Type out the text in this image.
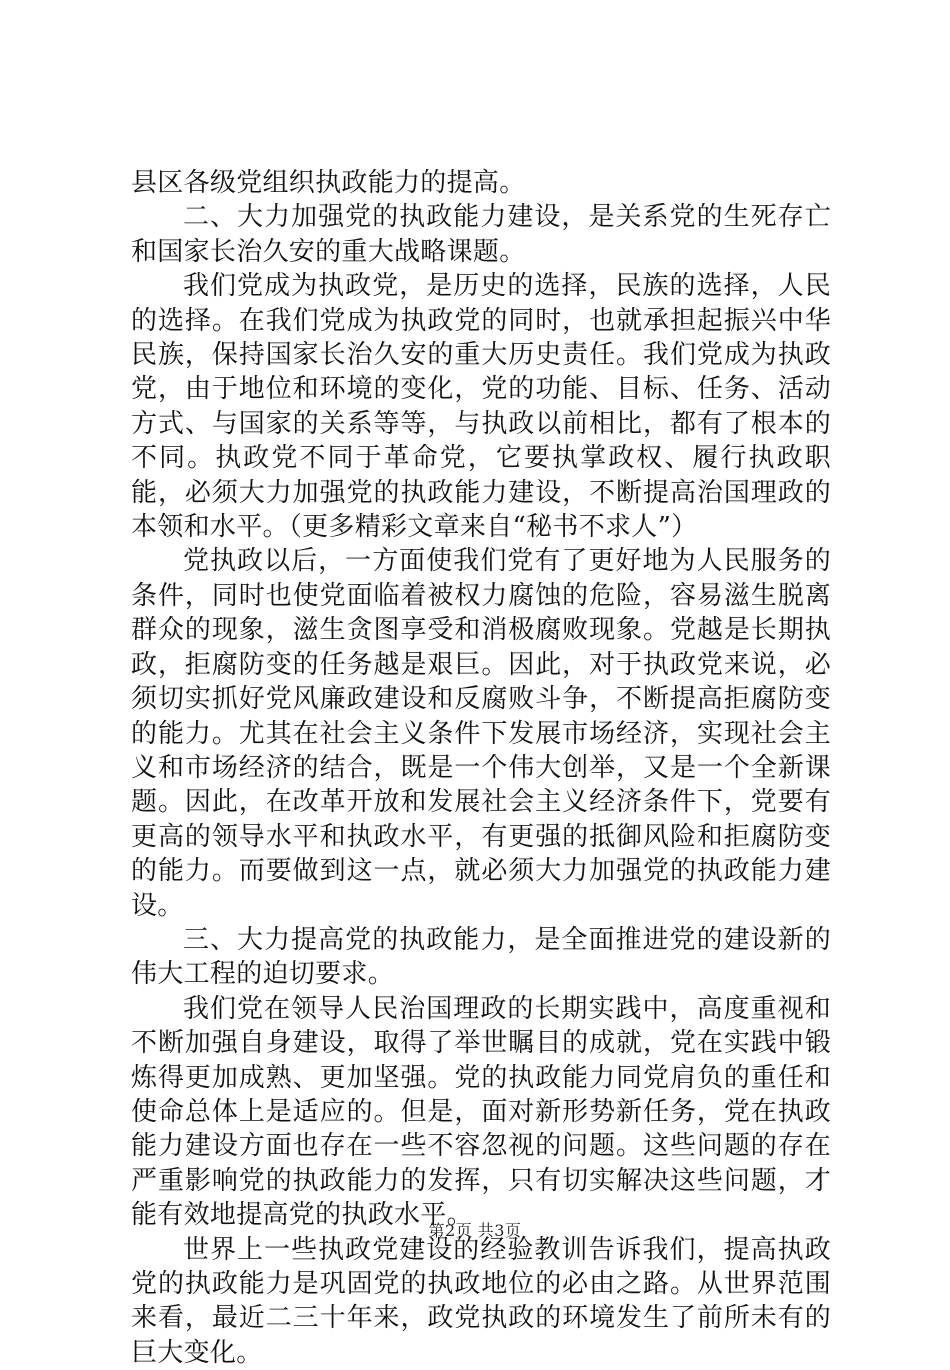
县区各级党组织执政能力的提高。

二、大力加强党的执政能力建设，是关系党的生死存亡和国家长治久安的重大战略课题。

我们党成为执政党，是历史的选择，民族的选择，人民的选择。在我们党成为执政党的同时，也就承担起振兴中华民族，保持国家长治久安的重大历史责任。我们党成为执政党，由于地位和环境的变化，党的功能、目标、任务、活动方式、与国家的关系等等，与执政以前相比，都有了根本的不同。执政党不同于革命党，它要执掌政权、履行执政职能，必须大力加强党的执政能力建设，不断提高治国理政的本领和水平。（更多精彩文章来自“秘书不求人”）

党执政以后，一方面使我们党有了更好地为人民服务的条件，同时也使党面临着被权力腐蚀的危险，容易滋生脱离群众的现象，滋生贪图享受和消极腐败现象。党越是长期执政，拒腐防变的任务越是艰巨。因此，对于执政党来说，必须切实抓好党风廉政建设和反腐败斗争，不断提高拒腐防变的能力。尤其在社会主义条件下发展市场经济，实现社会主义和市场经济的结合，既是一个伟大创举，又是一个全新课题。因此，在改革开放和发展社会主义经济条件下，党要有更高的领导水平和执政水平，有更强的抵御风险和拒腐防变的能力。而要做到这一点，就必须大力加强党的执政能力建设。

三、大力提高党的执政能力，是全面推进党的建设新的伟大工程的迫切要求。

我们党在领导人民治国理政的长期实践中，高度重视和不断加强自身建设，取得了举世瞩目的成就，党在实践中锻炼得更加成熟、更加坚强。党的执政能力同党肩负的重任和使命总体上是适应的。但是，面对新形势新任务，党在执政能力建设方面也存在一些不容忽视的问题。这些问题的存在严重影响党的执政能力的发挥，只有切实解决这些问题，才能有效地提高党的执政水平。

世界上一些执政党建设的经验教训告诉我们，提高执政党的执政能力是巩固党的执政地位的必由之路。从世界范围来看，最近二三十年来，政党执政的环境发生了前所未有的巨大变化。

第2页 共3页
